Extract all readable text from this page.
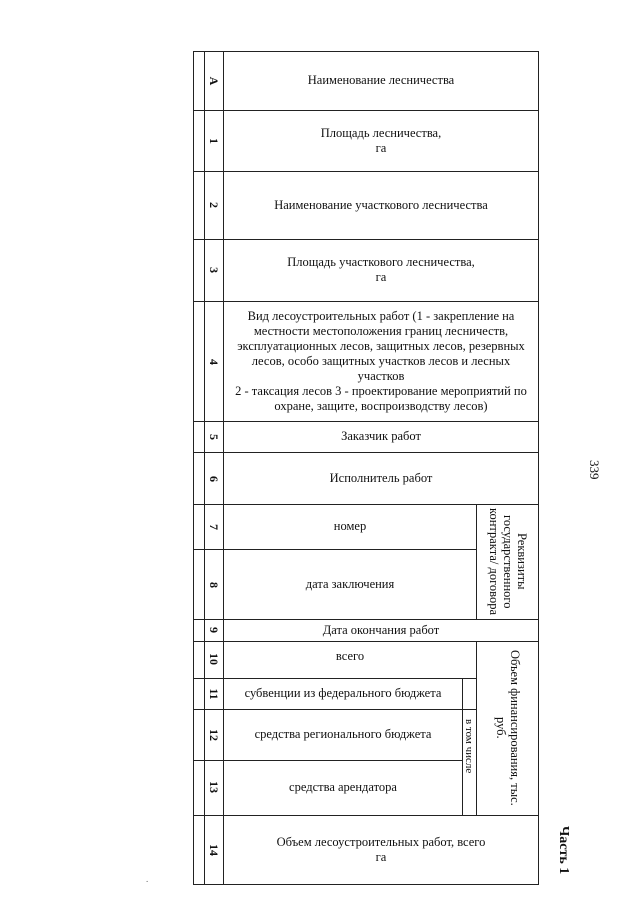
А
1
2
3
4
5
6
7
8
9
10
11
12
13
14
Наименование лесничества
Площадь лесничества,
га
Наименование участкового лесничества
Площадь участкового лесничества,
га
Вид лесоустроительных работ (1 - закрепление на местности местоположения границ лесничеств, эксплуатационных лесов, защитных лесов, резервных лесов, особо защитных участков лесов и лесных участков
2 - таксация лесов 3 - проектирование мероприятий по охране, защите, воспроизводству лесов)
Заказчик работ
Исполнитель работ
номер
дата заключения
Дата окончания работ
всего
субвенции из федерального бюджета
средства регионального бюджета
средства арендатора
Объем лесоустроительных работ, всего
га
Реквизиты государственного контракта/ договора
Объем финансирования, тыс. руб.
в том числе
339
Часть 1
.
